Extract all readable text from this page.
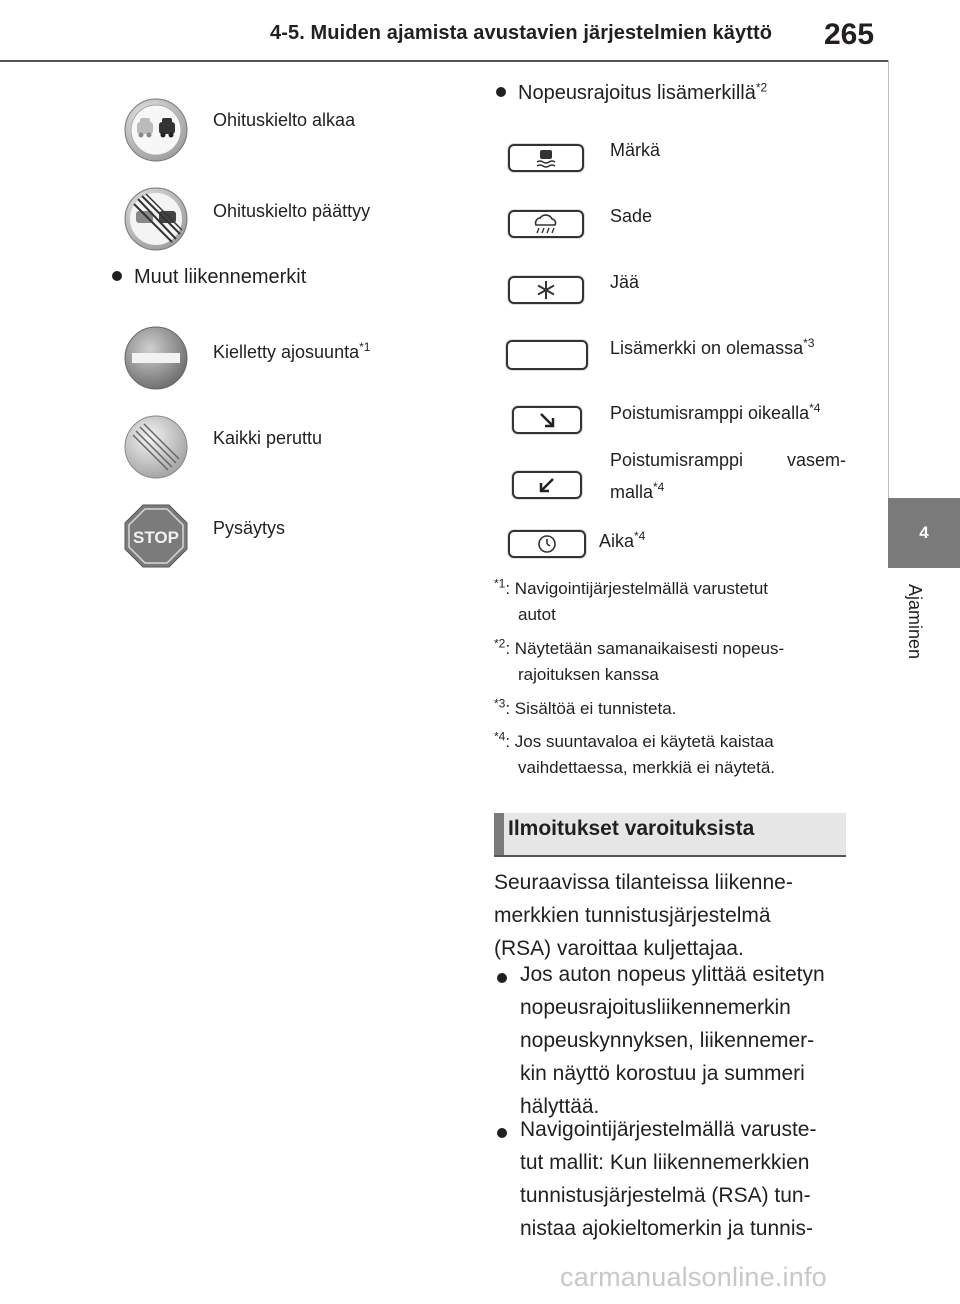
4-5. Muiden ajamista avustavien järjestelmien käyttö 265
4
Ajaminen
Ohituskielto alkaa
Ohituskielto päättyy
Muut liikennemerkit
Kielletty ajosuunta$^{*1}$
Kaikki peruttu
STOP Pysäytys
Nopeusrajoitus lisämerkillä$^{*2}$
Märkä
Sade
Jää
Lisämerkki on olemassa$^{*3}$
Poistumisramppi oikealla$^{*4}$
Poistumisramppi vasem-
malla$^{*4}$
Aika$^{*4}$
$^{*1}$: Navigointijärjestelmällä varustetut
autot
$^{*2}$: Näytetään samanaikaisesti nopeus-
rajoituksen kanssa
$^{*3}$: Sisältöä ei tunnisteta.
$^{*4}$: Jos suuntavaloa ei käytetä kaistaa
vaihdettaessa, merkkiä ei näytetä.
Ilmoitukset varoituksista
Seuraavissa tilanteissa liikenne-
merkkien tunnistusjärjestelmä
(RSA) varoittaa kuljettajaa.
Jos auton nopeus ylittää esitetyn
nopeusrajoitusliikennemerkin
nopeuskynnyksen, liikennemer-
kin näyttö korostuu ja summeri
hälyttää.
Navigointijärjestelmällä varuste-
tut mallit: Kun liikennemerkkien
tunnistusjärjestelmä (RSA) tun-
nistaa ajokieltomerkin ja tunnis-
carmanualsonline.info
